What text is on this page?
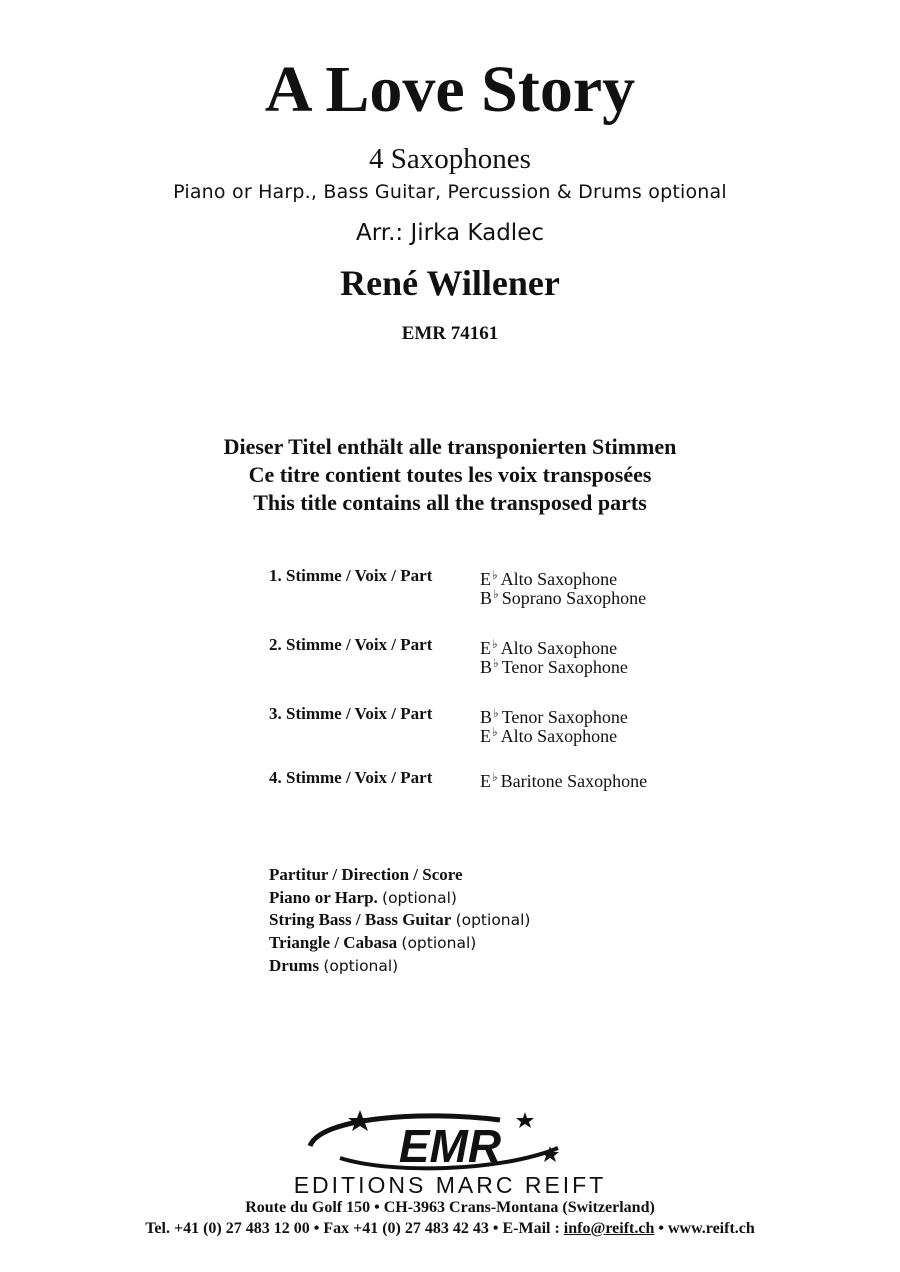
A Love Story
4 Saxophones
Piano or Harp., Bass Guitar, Percussion & Drums optional
Arr.: Jirka Kadlec
René Willener
EMR 74161
Dieser Titel enthält alle transponierten Stimmen
Ce titre contient toutes les voix transposées
This title contains all the transposed parts
1. Stimme / Voix / Part	E♭ Alto Saxophone
B♭ Soprano Saxophone
2. Stimme / Voix / Part	E♭ Alto Saxophone
B♭ Tenor Saxophone
3. Stimme / Voix / Part	B♭ Tenor Saxophone
E♭ Alto Saxophone
4. Stimme / Voix / Part	E♭ Baritone Saxophone
Partitur / Direction / Score
Piano or Harp. (optional)
String Bass / Bass Guitar (optional)
Triangle / Cabasa (optional)
Drums (optional)
EMR
EDITIONS MARC REIFT
Route du Golf 150 • CH-3963 Crans-Montana (Switzerland)
Tel. +41 (0) 27 483 12 00 • Fax +41 (0) 27 483 42 43 • E-Mail : info@reift.ch • www.reift.ch
